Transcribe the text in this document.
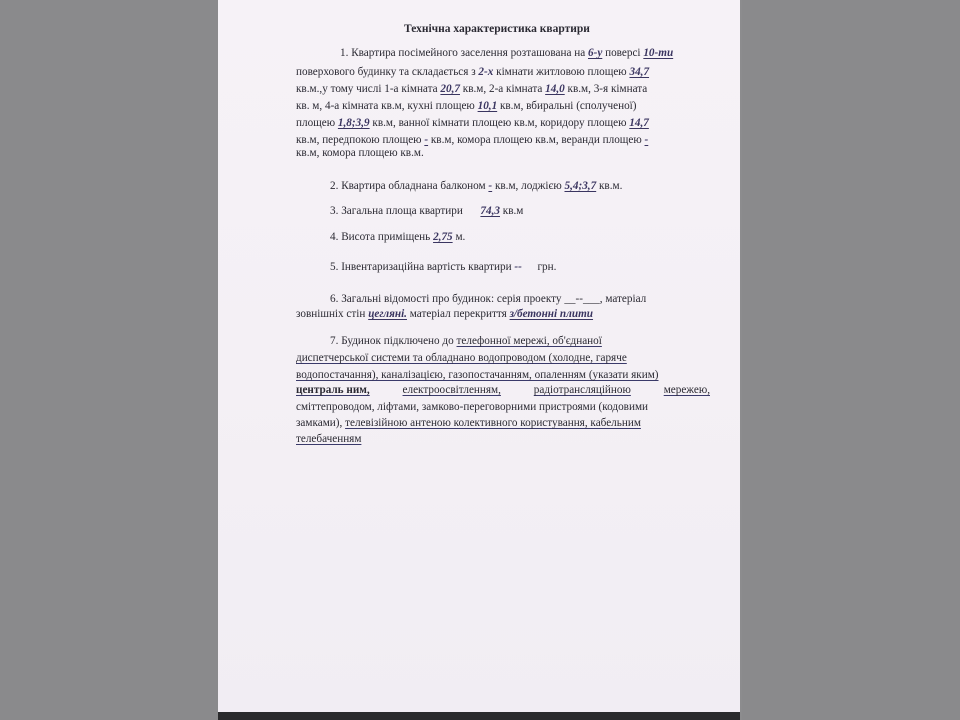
Технічна характеристика квартири
1. Квартира посімейного заселення розташована на 6-у поверсі 10-ти
поверхового будинку та складається з 2-х кімнати житловою площею 34,7
кв.м.,у тому числі 1-а кімната 20,7 кв.м, 2-а кімната 14,0 кв.м, 3-я кімната
кв. м, 4-а кімната кв.м, кухні площею 10,1 кв.м, вбиральні (сполученої)
площею 1,8;3,9 кв.м, ванної кімнати площею кв.м, коридору площею 14,7
кв.м, передпокою площею - кв.м, комора площею кв.м, веранди площею -
кв.м, комора площею кв.м.
2. Квартира обладнана балконом - кв.м, лоджією 5,4;3,7 кв.м.
3. Загальна площа квартири 74,3 кв.м
4. Висота приміщень 2,75 м.
5. Інвентаризаційна вартість квартири -- грн.
6. Загальні відомості про будинок: серія проекту __--___, матеріал
зовнішніх стін цегляні. матеріал перекриття з/бетонні плити
7. Будинок підключено до телефонної мережі, об'єднаної
диспетчерської системи та обладнано водопроводом (холодне, гаряче
водопостачання), каналізацією, газопостачанням, опаленням (указати яким)
централь ним,	електроосвітленням,	радіотрансляційною	мережею,
сміттепроводом, ліфтами, замково-переговорними пристроями (кодовими
замками), телевізійною антеною колективного користування, кабельним
телебаченням
